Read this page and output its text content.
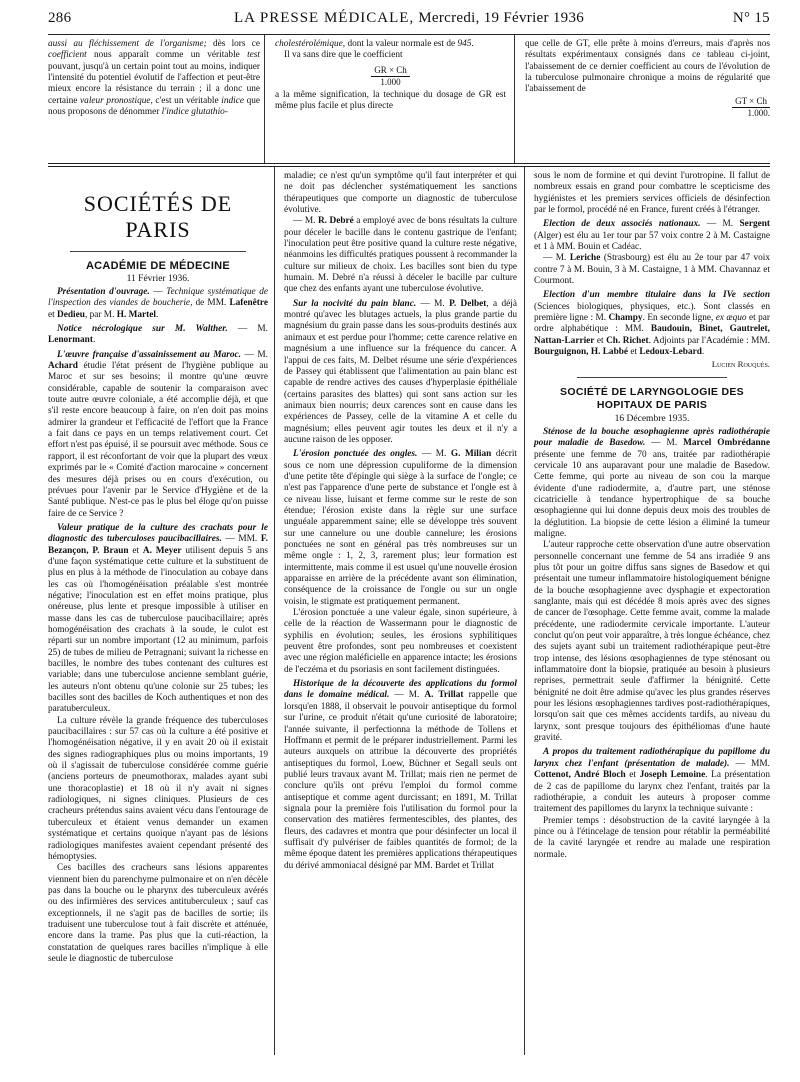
286	LA PRESSE MÉDICALE, Mercredi, 19 Février 1936	N° 15

aussi au fléchissement de l'organisme; dès lors ce coefficient nous apparaît comme un véritable test pouvant, jusqu'à un certain point tout au moins, indiquer l'intensité du potentiel évolutif de l'affection et peut-être mieux encore la résistance du terrain ; il a donc une certaine valeur pronostique, c'est un véritable indice que nous proposons de dénommer l'indice glutathio-

cholestérolémique, dont la valeur normale est de 945.

Il va sans dire que le coefficient

GR × Ch
1.000

a la même signification, la technique du dosage de GR est même plus facile et plus directe

que celle de GT, elle prête à moins d'erreurs, mais d'après nos résultats expérimentaux consignés dans ce tableau ci-joint, l'abaissement de ce dernier coefficient au cours de l'évolution de la tuberculose pulmonaire chronique a moins de régularité que l'abaissement de

GT × Ch
1.000.
SOCIÉTÉS DE PARIS
ACADÉMIE DE MÉDECINE
11 Février 1936.

Présentation d'ouvrage. — Technique systématique de l'inspection des viandes de boucherie, de MM. Lafenêtre et Dedieu, par M. H. Martel.

Notice nécrologique sur M. Walther. — M. Lenormant.

L'œuvre française d'assainissement au Maroc. — M. Achard étudie l'état présent de l'hygiène publique au Maroc et sur ses besoins; il montre qu'une œuvre considérable, capable de soutenir la comparaison avec toute autre œuvre coloniale, a été accomplie déjà, et que s'il reste encore beaucoup à faire, on n'en doit pas moins admirer la grandeur et l'efficacité de l'effort que la France a fait dans ce pays en un temps relativement court. Cet effort n'est pas épuisé, il se poursuit avec méthode. Sous ce rapport, il est réconfortant de voir que la plupart des vœux exprimés par le « Comité d'action marocaine » concernent des mesures déjà prises ou en cours d'exécution, ou prévues pour l'avenir par le Service d'Hygiène et de la Santé publique. N'est-ce pas le plus bel éloge qu'on puisse faire de ce Service ?

Valeur pratique de la culture des crachats pour le diagnostic des tuberculoses paucibacillaires. — MM. F. Bezançon, P. Braun et A. Meyer utilisent depuis 5 ans d'une façon systématique cette culture et la substituent de plus en plus à la méthode de l'inoculation au cobaye dans les cas où l'homogénéisation préalable s'est montrée négative; l'inoculation est en effet moins pratique, plus onéreuse, plus lente et presque impossible à utiliser en masse dans les cas de tuberculose paucibacillaire; après homogénéisation des crachats à la soude, le culot est réparti sur un nombre important (12 au minimum, parfois 25) de tubes de milieu de Petragnani; suivant la richesse en bacilles, le nombre des tubes contenant des cultures est variable; dans une tuberculose ancienne semblant guérie, les auteurs n'ont obtenu qu'une colonie sur 25 tubes; les bacilles sont des bacilles de Koch authentiques et non des paratuberculeux.

La culture révèle la grande fréquence des tuberculoses paucibacillaires : sur 57 cas où la culture a été positive et l'homogénéisation négative, il y en avait 20 où il existait des signes radiographiques plus ou moins importants, 19 où il s'agissait de tuberculose considérée comme guérie (anciens porteurs de pneumothorax, malades ayant subi une thoracoplastie) et 18 où il n'y avait ni signes radiologiques, ni signes cliniques. Plusieurs de ces cracheurs prétendus sains avaient vécu dans l'entourage de tuberculeux et étaient venus demander un examen systématique et certains quoique n'ayant pas de lésions radiologiques manifestes avaient cependant présenté des hémoptysies.

Ces bacilles des cracheurs sans lésions apparentes viennent bien du parenchyme pulmonaire et on n'en décèle pas dans la bouche ou le pharynx des tuberculeux avérés ou des infirmières des services antituberculeux ; sauf cas exceptionnels, il ne s'agit pas de bacilles de sortie; ils traduisent une tuberculose tout à fait discrète et atténuée, encore dans la trame. Pas plus que la cuti-réaction, la constatation de quelques rares bacilles n'implique à elle seule le diagnostic de tuberculose

maladie; ce n'est qu'un symptôme qu'il faut interpréter et qui ne doit pas déclencher systématiquement les sanctions thérapeutiques que comporte un diagnostic de tuberculose évolutive.

— M. R. Debré a employé avec de bons résultats la culture pour déceler le bacille dans le contenu gastrique de l'enfant; l'inoculation peut être positive quand la culture reste négative, néanmoins les difficultés pratiques poussent à recommander la culture sur milieux de choix. Les bacilles sont bien du type humain. M. Debré n'a réussi à déceler le bacille par culture que chez des enfants ayant une tuberculose évolutive.

Sur la nocivité du pain blanc. — M. P. Delbet, a déjà montré qu'avec les blutages actuels, la plus grande partie du magnésium du grain passe dans les sous-produits destinés aux animaux et est perdue pour l'homme; cette carence relative en magnésium a une influence sur la fréquence du cancer. A l'appui de ces faits, M. Delbet résume une série d'expériences de Passey qui établissent que l'alimentation au pain blanc est capable de rendre actives des causes d'hyperplasie épithéliale (certains parasites des blattes) qui sont sans action sur les animaux bien nourris; deux carences sont en cause dans les expériences de Passey, celle de la vitamine A et celle du magnésium; elles peuvent agir toutes les deux et il n'y a aucune raison de les opposer.

L'érosion ponctuée des ongles. — M. G. Milian décrit sous ce nom une dépression cupuliforme de la dimension d'une petite tête d'épingle qui siège à la surface de l'ongle; ce n'est pas l'apparence d'une perte de substance et l'ongle est à ce niveau lisse, luisant et ferme comme sur le reste de son étendue; l'érosion existe dans la règle sur une surface unguéale apparemment saine; elle se développe très souvent sur une cannelure ou une double cannelure; les érosions ponctuées ne sont en général pas très nombreuses sur un même ongle : 1, 2, 3, rarement plus; leur formation est intermittente, mais comme il est usuel qu'une nouvelle érosion apparaisse en arrière de la précédente avant son élimination, conséquence de la croissance de l'ongle ou sur un ongle voisin, le stigmate est pratiquement permanent.

L'érosion ponctuée a une valeur égale, sinon supérieure, à celle de la réaction de Wassermann pour le diagnostic de syphilis en évolution; seules, les érosions syphilitiques peuvent être profondes, sont peu nombreuses et coexistent avec une région maléficielle en apparence intacte; les érosions de l'eczéma et du psoriasis en sont facilement distinguées.

Historique de la découverte des applications du formol dans le domaine médical. — M. A. Trillat rappelle que lorsqu'en 1888, il observait le pouvoir antiseptique du formol sur l'urine, ce produit n'était qu'une curiosité de laboratoire; l'année suivante, il perfectionna la méthode de Tollens et Hoffmann et permit de le préparer industriellement. Parmi les auteurs auxquels on attribue la découverte des propriétés antiseptiques du formol, Loew, Büchner et Segall seuls ont publié leurs travaux avant M. Trillat; mais rien ne permet de conclure qu'ils ont prévu l'emploi du formol comme antiseptique et comme agent durcissant; en 1891, M. Trillat signala pour la première fois l'utilisation du formol pour la conservation des matières fermentescibles, des plantes, des fleurs, des cadavres et montra que pour désinfecter un local il suffisait d'y pulvériser de faibles quantités de formol; de la même époque datent les premières applications thérapeutiques du dérivé ammoniacal désigné par MM. Bardet et Trillat

sous le nom de formine et qui devint l'urotropine. Il fallut de nombreux essais en grand pour combattre le scepticisme des hygiénistes et les premiers services officiels de désinfection par le formol, procédé né en France, furent créés à l'étranger.

Election de deux associés nationaux. — M. Sergent (Alger) est élu au 1er tour par 57 voix contre 2 à M. Castaigne et 1 à MM. Bouin et Cadéac.

— M. Leriche (Strasbourg) est élu au 2e tour par 47 voix contre 7 à M. Bouin, 3 à M. Castaigne, 1 à MM. Chavannaz et Courmont.

Election d'un membre titulaire dans la IVe section (Sciences biologiques, physiques, etc.). Sont classés en première ligne : M. Champy. En seconde ligne, ex æquo et par ordre alphabétique : MM. Baudouin, Binet, Gautrelet, Nattan-Larrier et Ch. Richet. Adjoints par l'Académie : MM. Bourguignon, H. Labbé et Ledoux-Lebard.

Lucien Rouquès.

SOCIÉTÉ DE LARYNGOLOGIE DES HOPITAUX DE PARIS
16 Décembre 1935.

Sténose de la bouche œsophagienne après radiothérapie pour maladie de Basedow. — M. Marcel Ombrédanne présente une femme de 70 ans, traitée par radiothérapie cervicale 10 ans auparavant pour une maladie de Basedow. Cette femme, qui porte au niveau de son cou la marque évidente d'une radiodermite, a, d'autre part, une sténose cicatricielle à tendance hypertrophique de sa bouche œsophagienne qui lui donne depuis deux mois des troubles de la déglutition. La biopsie de cette lésion a éliminé la tumeur maligne.

L'auteur rapproche cette observation d'une autre observation personnelle concernant une femme de 54 ans irradiée 9 ans plus tôt pour un goitre diffus sans signes de Basedow et qui présentait une tumeur inflammatoire histologiquement bénigne de la bouche œsophagienne avec dysphagie et expectoration sanglante, mais qui est décédée 8 mois après avec des signes de cancer de l'œsophage. Cette femme avait, comme la malade précédente, une radiodermite cervicale importante. L'auteur conclut qu'on peut voir apparaître, à très longue échéance, chez des sujets ayant subi un traitement radiothérapique peut-être trop intense, des lésions œsophagiennes de type sténosant ou inflammatoire dont la biopsie, pratiquée au besoin à plusieurs reprises, permettrait seule d'affirmer la bénignité. Cette bénignité ne doit être admise qu'avec les plus grandes réserves pour les lésions œsophagiennes tardives post-radiothérapiques, lorsqu'on sait que ces mêmes accidents tardifs, au niveau du larynx, sont presque toujours des épithéliomas d'une haute gravité.

A propos du traitement radiothérapique du papillome du larynx chez l'enfant (présentation de malade). — MM. Cottenot, André Bloch et Joseph Lemoine. La présentation de 2 cas de papillome du larynx chez l'enfant, traités par la radiothérapie, a conduit les auteurs à proposer comme traitement des papillomes du larynx la technique suivante :

Premier temps : désobstruction de la cavité laryngée à la pince ou à l'étincelage de tension pour rétablir la perméabilité de la cavité laryngée et rendre au malade une respiration normale.
